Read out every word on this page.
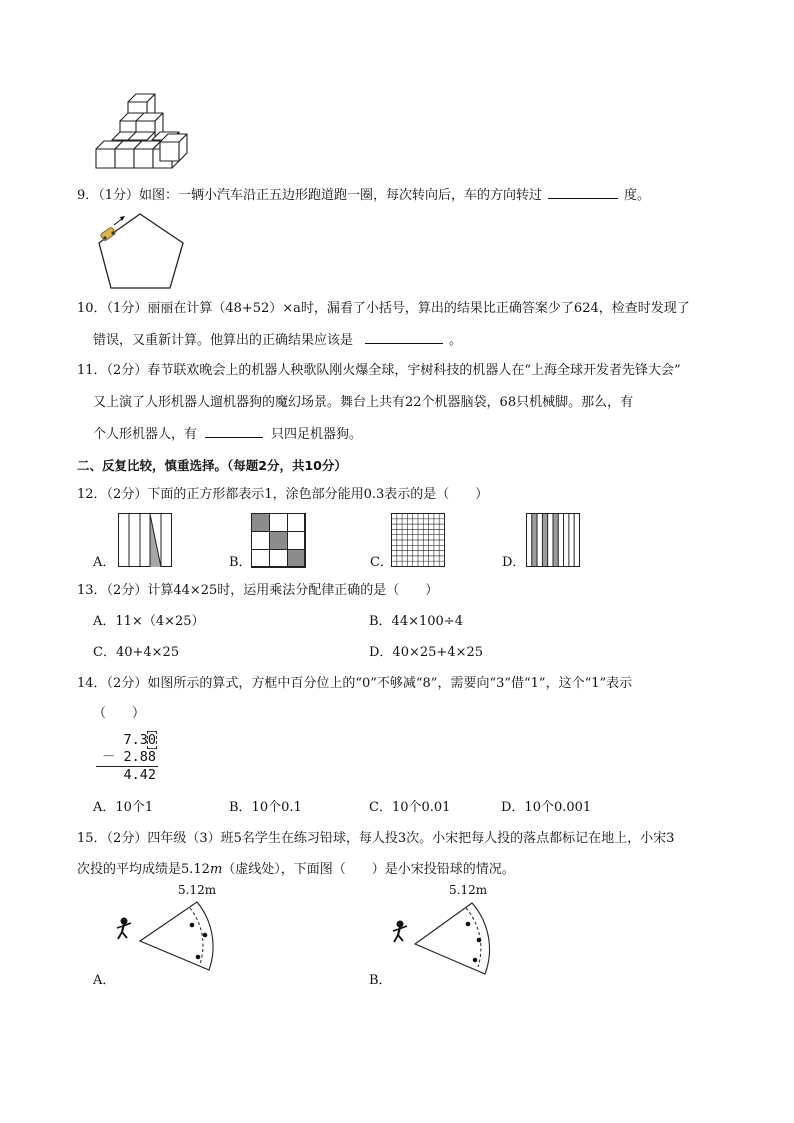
9．（1分）如图：一辆小汽车沿正五边形跑道跑一圈，每次转向后，车的方向转过	度。
10．（1分）丽丽在计算（48+52）×a时，漏看了小括号，算出的结果比正确答案少了624，检查时发现了
错误，又重新计算。他算出的正确结果应该是	。
11．（2分）春节联欢晚会上的机器人秧歌队刚火爆全球，宇树科技的机器人在“上海全球开发者先锋大会”
又上演了人形机器人遛机器狗的魔幻场景。舞台上共有22个机器脑袋，68只机械脚。那么，有
个人形机器人，有	只四足机器狗。
二、反复比较，慎重选择。（每题2分，共10分）
12．（2分）下面的正方形都表示1，涂色部分能用0.3表示的是（　　）
A．	B．	C．	D．
13．（2分）计算44×25时，运用乘法分配律正确的是（　　）
A．11×（4×25）	B．44×100÷4
C．40+4×25	D．40×25+4×25
14．（2分）如图所示的算式，方框中百分位上的“0”不够减“8”，需要向“3”借“1”，这个“1”表示
（　　）
7.30
－ 2.88
4.42
A．10个1	B．10个0.1	C．10个0.01	D．10个0.001
15．（2分）四年级（3）班5名学生在练习铅球，每人投3次。小宋把每人投的落点都标记在地上，小宋3
次投的平均成绩是5.12m（虚线处），下面图（　　）是小宋投铅球的情况。
5.12m
A．
5.12m
B．
